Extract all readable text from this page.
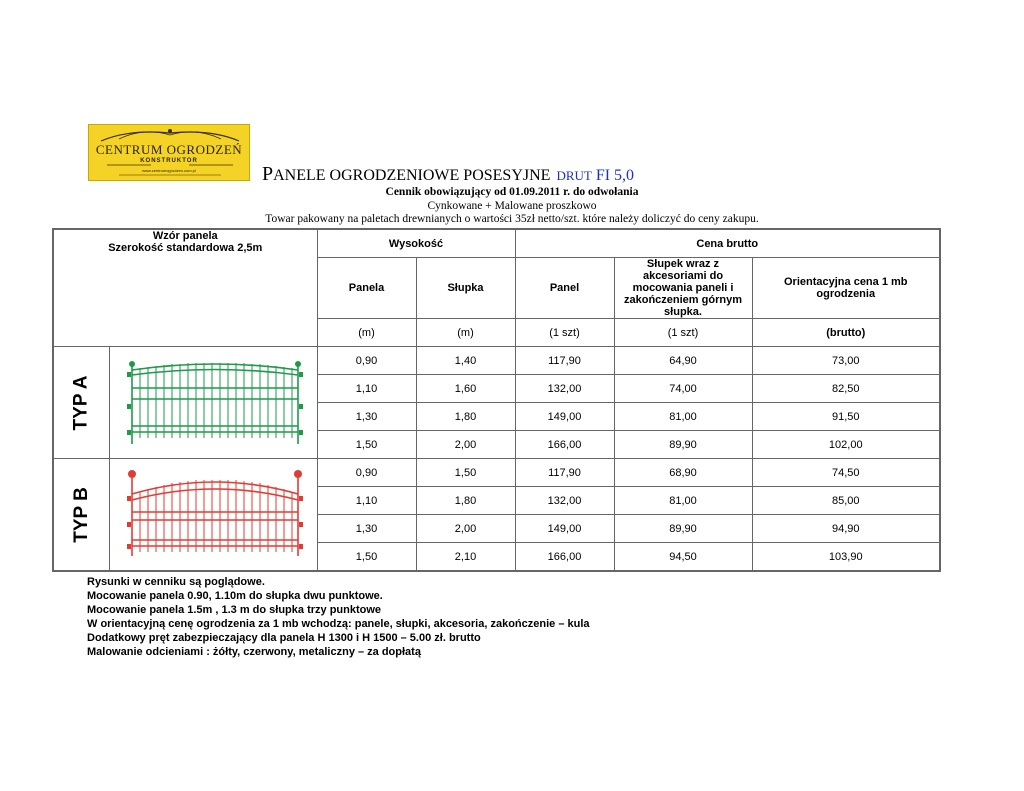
CENTRUM OGRODZEŃ
KONSTRUKTOR
www.centrumogrodzen.com.pl	PANELE OGRODZENIOWE POSESYJNE DRUT FI 5,0
Cennik obowiązujący od 01.09.2011 r. do odwołania
Cynkowane + Malowane proszkowo
Towar pakowany na paletach drewnianych o wartości 35zł netto/szt. które należy doliczyć do ceny zakupu.
Wzór panela
Szerokość standardowa 2,5m		Wysokość		Cena brutto		
		Panela	Słupka	Panel	Słupek wraz z akcesoriami do mocowania paneli i zakończeniem górnym słupka.	Orientacyjna cena 1 mb ogrodzenia
		(m)	(m)	(1 szt)	(1 szt)	(brutto)
TYP A		0,90	1,40	117,90	64,90	73,00
		1,10	1,60	132,00	74,00	82,50
		1,30	1,80	149,00	81,00	91,50
		1,50	2,00	166,00	89,90	102,00
TYP B		0,90	1,50	117,90	68,90	74,50
		1,10	1,80	132,00	81,00	85,00
		1,30	2,00	149,00	89,90	94,90
		1,50	2,10	166,00	94,50	103,90
Rysunki w cenniku są poglądowe.
Mocowanie panela 0.90, 1.10m do słupka dwu punktowe.
Mocowanie panela 1.5m , 1.3 m do słupka trzy punktowe
W orientacyjną cenę ogrodzenia za 1 mb wchodzą: panele, słupki, akcesoria, zakończenie – kula
Dodatkowy pręt zabezpieczający dla panela H 1300 i H 1500 – 5.00 zł. brutto
Malowanie odcieniami : żółty, czerwony, metaliczny – za dopłatą
